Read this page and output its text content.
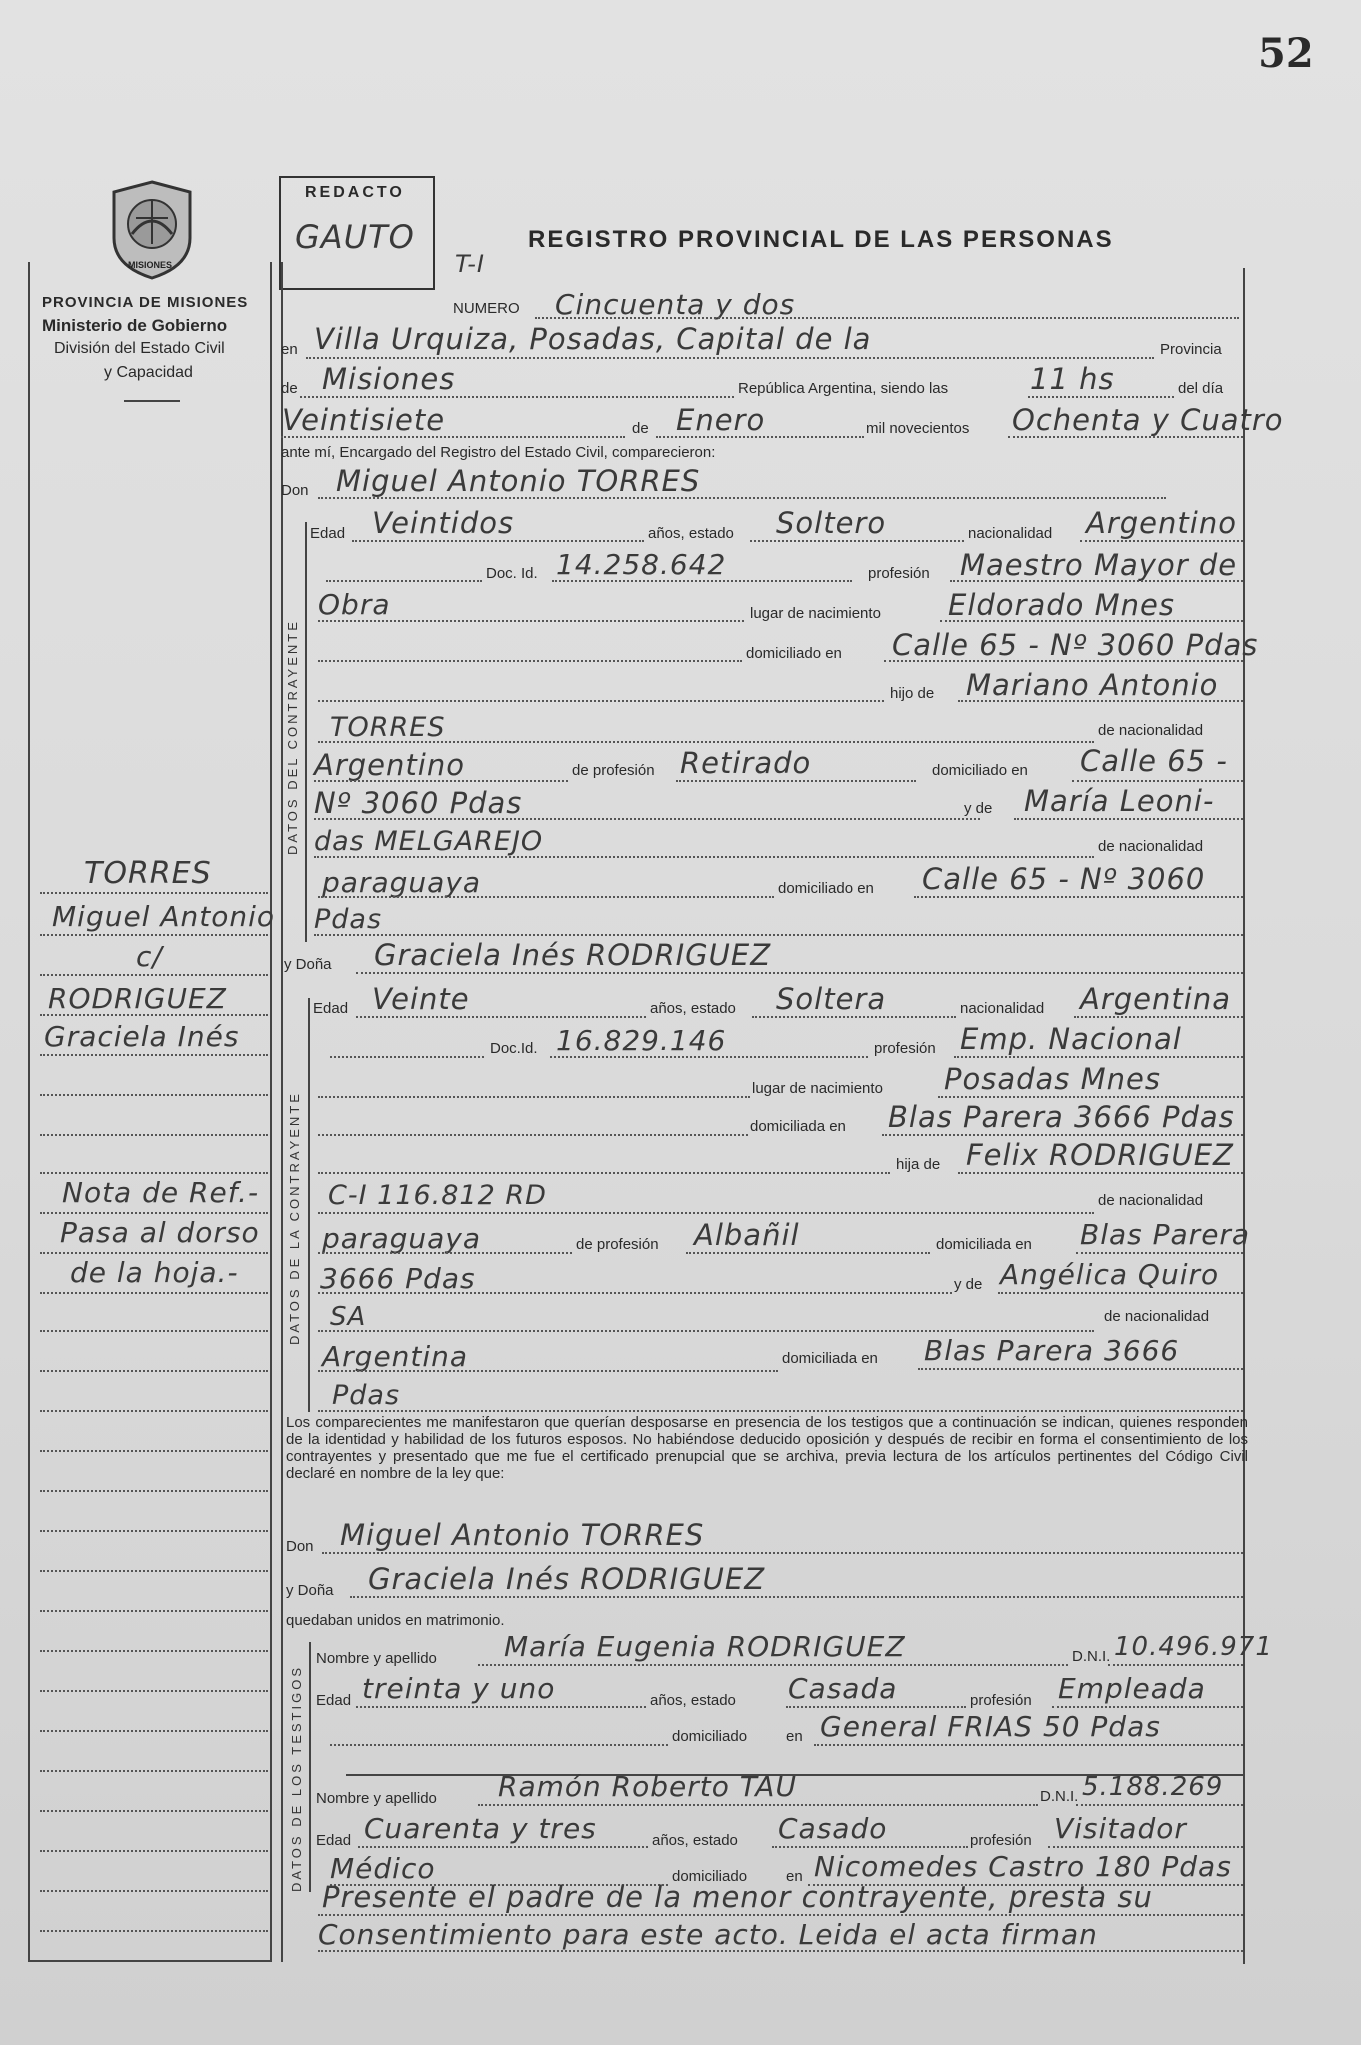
52
MISIONES
PROVINCIA DE MISIONES
Ministerio de Gobierno
División del Estado Civil
y Capacidad
REDACTO
GAUTO	REGISTRO PROVINCIAL DE LAS PERSONAS
T-I
NUMERO Cincuenta y dos
en Villa Urquiza, Posadas, Capital de la	Provincia
de Misiones	República Argentina, siendo las	11 hs	del día
Veintisiete	de Enero	mil novecientos Ochenta y Cuatro
ante mí, Encargado del Registro del Estado Civil, comparecieron:
Don Miguel Antonio TORRES
DATOS DEL CONTRAYENTE
Edad Veintidos	años, estado Soltero	nacionalidad Argentino
Doc. Id. 14.258.642	profesión Maestro Mayor de
Obra	lugar de nacimiento Eldorado Mnes
domiciliado en Calle 65 - Nº 3060 Pdas
hijo de Mariano Antonio
TORRES	de nacionalidad
Argentino	de profesión Retirado	domiciliado en Calle 65 -
Nº 3060 Pdas	y de María Leoni-
das MELGAREJO	de nacionalidad
paraguaya	domiciliado en Calle 65 - Nº 3060
Pdas
y Doña Graciela Inés RODRIGUEZ
DATOS DE LA CONTRAYENTE
Edad Veinte	años, estado Soltera	nacionalidad Argentina
Doc.Id. 16.829.146	profesión Emp. Nacional
lugar de nacimiento Posadas Mnes
domiciliada en Blas Parera 3666 Pdas
hija de Felix RODRIGUEZ
C-I 116.812 RD	de nacionalidad
paraguaya	de profesión Albañil	domiciliada en Blas Parera
3666 Pdas	y de Angélica Quiro
SA	de nacionalidad
Argentina	domiciliada en Blas Parera 3666
Pdas
Los comparecientes me manifestaron que querían desposarse en presencia de los testigos que a continuación se indican, quienes responden de la identidad y habilidad de los futuros esposos. No habiéndose deducido oposición y después de recibir en forma el consentimiento de los contrayentes y presentado que me fue el certificado prenupcial que se archiva, previa lectura de los artículos pertinentes del Código Civil declaré en nombre de la ley que:
Don Miguel Antonio TORRES
y Doña Graciela Inés RODRIGUEZ
quedaban unidos en matrimonio.
DATOS DE LOS TESTIGOS
Nombre y apellido María Eugenia RODRIGUEZ	D.N.I. 10.496.971
Edad treinta y uno	años, estado Casada	profesión Empleada
domiciliado	en General FRIAS 50 Pdas
Nombre y apellido Ramón Roberto TAU	D.N.I. 5.188.269
Edad Cuarenta y tres	años, estado Casado	profesión Visitador
Médico	domiciliado	en Nicomedes Castro 180 Pdas
Presente el padre de la menor contrayente, presta su
Consentimiento para este acto. Leida el acta firman
TORRES
Miguel Antonio
c/
RODRIGUEZ
Graciela Inés
Nota de Ref.-
Pasa al dorso
de la hoja.-
